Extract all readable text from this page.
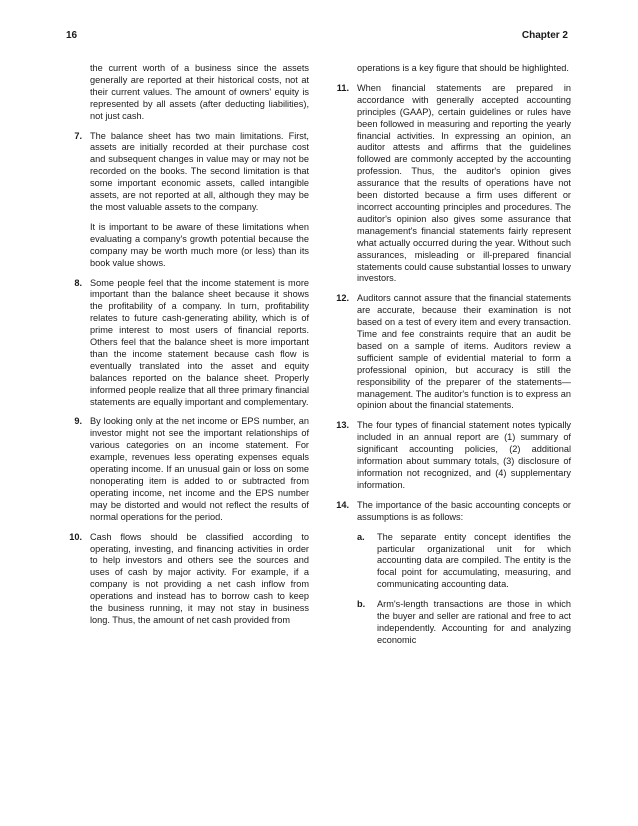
16	Chapter 2

the current worth of a business since the assets generally are reported at their historical costs, not at their current values. The amount of owners' equity is represented by all assets (after deducting liabilities), not just cash.

7. The balance sheet has two main limitations. First, assets are initially recorded at their purchase cost and subsequent changes in value may or may not be recorded on the books. The second limitation is that some important economic assets, called intangible assets, are not reported at all, although they may be the most valuable assets to the company.

It is important to be aware of these limitations when evaluating a company's growth potential because the company may be worth much more (or less) than its book value shows.

8. Some people feel that the income statement is more important than the balance sheet because it shows the profitability of a company. In turn, profitability relates to future cash-generating ability, which is of prime interest to most users of financial reports. Others feel that the balance sheet is more important than the income statement because cash flow is eventually translated into the asset and equity balances reported on the balance sheet. Properly informed people realize that all three primary financial statements are equally important and complementary.

9. By looking only at the net income or EPS number, an investor might not see the important relationships of various categories on an income statement. For example, revenues less operating expenses equals operating income. If an unusual gain or loss on some nonoperating item is added to or subtracted from operating income, net income and the EPS number may be distorted and would not reflect the results of normal operations for the period.

10. Cash flows should be classified according to operating, investing, and financing activities in order to help investors and others see the sources and uses of cash by major activity. For example, if a company is not providing a net cash inflow from operations and instead has to borrow cash to keep the business running, it may not stay in business long. Thus, the amount of net cash provided from

operations is a key figure that should be highlighted.

11. When financial statements are prepared in accordance with generally accepted accounting principles (GAAP), certain guidelines or rules have been followed in measuring and reporting the yearly financial activities. In expressing an opinion, an auditor attests and affirms that the guidelines followed are commonly accepted by the accounting profession. Thus, the auditor's opinion gives assurance that the results of operations have not been distorted because a firm uses different or incorrect accounting principles and procedures. The auditor's opinion also gives some assurance that management's financial statements fairly represent what actually occurred during the year. Without such assurances, misleading or ill-prepared financial statements could cause substantial losses to unwary investors.

12. Auditors cannot assure that the financial statements are accurate, because their examination is not based on a test of every item and every transaction. Time and fee constraints require that an audit be based on a sample of items. Auditors review a sufficient sample of evidential material to form a professional opinion, but accuracy is still the responsibility of the preparer of the statements—management. The auditor's function is to express an opinion about the financial statements.

13. The four types of financial statement notes typically included in an annual report are (1) summary of significant accounting policies, (2) additional information about summary totals, (3) disclosure of information not recognized, and (4) supplementary information.

14. The importance of the basic accounting concepts or assumptions is as follows:

a. The separate entity concept identifies the particular organizational unit for which accounting data are compiled. The entity is the focal point for accumulating, measuring, and communicating accounting data.
b. Arm's-length transactions are those in which the buyer and seller are rational and free to act independently. Accounting for and analyzing economic
